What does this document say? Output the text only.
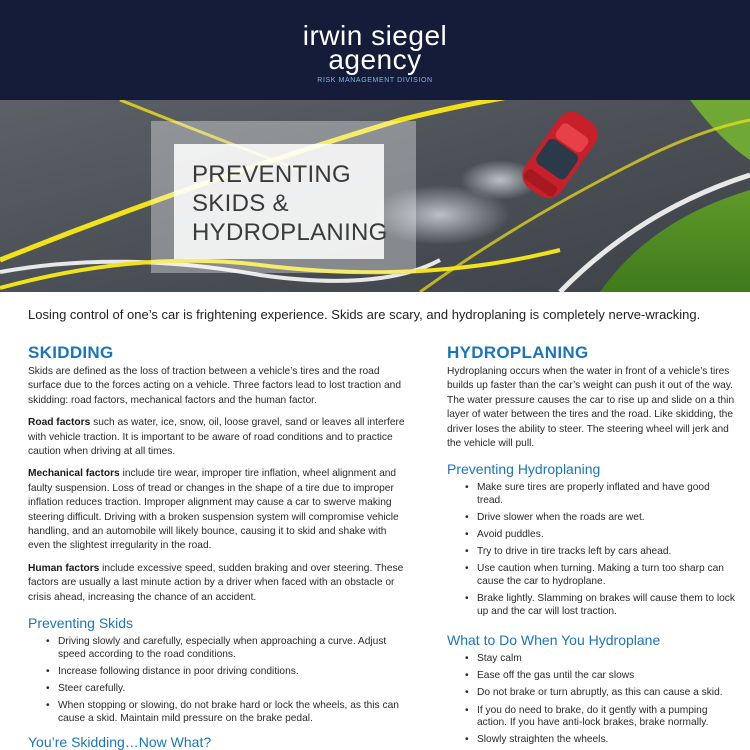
irwin siegel
agency
RISK MANAGEMENT DIVISION
PREVENTING
SKIDS &
HYDROPLANING
Losing control of one’s car is frightening experience. Skids are scary, and hydroplaning is completely nerve-wracking.
SKIDDING

Skids are defined as the loss of traction between a vehicle’s tires and the road surface due to the forces acting on a vehicle. Three factors lead to lost traction and skidding: road factors, mechanical factors and the human factor.

Road factors such as water, ice, snow, oil, loose gravel, sand or leaves all interfere with vehicle traction. It is important to be aware of road conditions and to practice caution when driving at all times.

Mechanical factors include tire wear, improper tire inflation, wheel alignment and faulty suspension. Loss of tread or changes in the shape of a tire due to improper inflation reduces traction. Improper alignment may cause a car to swerve making steering difficult. Driving with a broken suspension system will compromise vehicle handling, and an automobile will likely bounce, causing it to skid and shake with even the slightest irregularity in the road.

Human factors include excessive speed, sudden braking and over steering. These factors are usually a last minute action by a driver when faced with an obstacle or crisis ahead, increasing the chance of an accident.

Preventing Skids
• Driving slowly and carefully, especially when approaching a curve. Adjust speed according to the road conditions.
• Increase following distance in poor driving conditions.
• Steer carefully.
• When stopping or slowing, do not brake hard or lock the wheels, as this can cause a skid. Maintain mild pressure on the brake pedal.
You’re Skidding…Now What?
HYDROPLANING

Hydroplaning occurs when the water in front of a vehicle’s tires builds up faster than the car’s weight can push it out of the way. The water pressure causes the car to rise up and slide on a thin layer of water between the tires and the road. Like skidding, the driver loses the ability to steer. The steering wheel will jerk and the vehicle will pull.

Preventing Hydroplaning
• Make sure tires are properly inflated and have good tread.
• Drive slower when the roads are wet.
• Avoid puddles.
• Try to drive in tire tracks left by cars ahead.
• Use caution when turning. Making a turn too sharp can cause the car to hydroplane.
• Brake lightly. Slamming on brakes will cause them to lock up and the car will lost traction.
What to Do When You Hydroplane
• Stay calm
• Ease off the gas until the car slows
• Do not brake or turn abruptly, as this can cause a skid.
• If you do need to brake, do it gently with a pumping action. If you have anti-lock brakes, brake normally.
• Slowly straighten the wheels.
